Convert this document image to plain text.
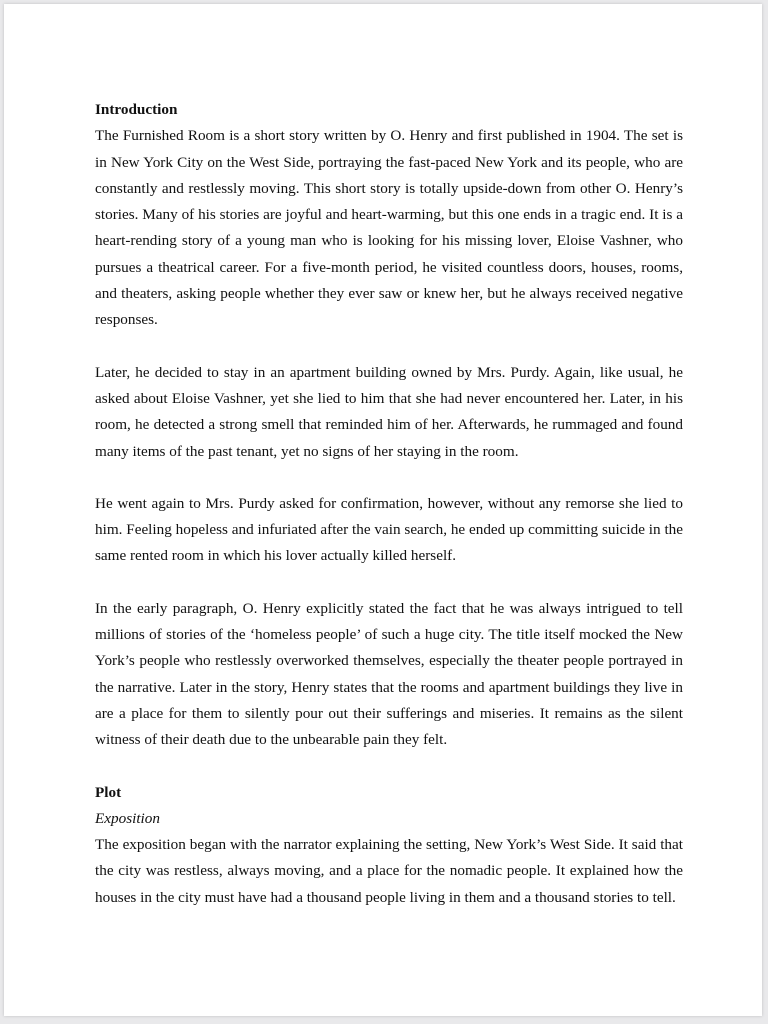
Introduction

The Furnished Room is a short story written by O. Henry and first published in 1904. The set is in New York City on the West Side, portraying the fast-paced New York and its people, who are constantly and restlessly moving. This short story is totally upside-down from other O. Henry’s stories. Many of his stories are joyful and heart-warming, but this one ends in a tragic end. It is a heart-rending story of a young man who is looking for his missing lover, Eloise Vashner, who pursues a theatrical career. For a five-month period, he visited countless doors, houses, rooms, and theaters, asking people whether they ever saw or knew her, but he always received negative responses.

Later, he decided to stay in an apartment building owned by Mrs. Purdy. Again, like usual, he asked about Eloise Vashner, yet she lied to him that she had never encountered her. Later, in his room, he detected a strong smell that reminded him of her. Afterwards, he rummaged and found many items of the past tenant, yet no signs of her staying in the room.

He went again to Mrs. Purdy asked for confirmation, however, without any remorse she lied to him. Feeling hopeless and infuriated after the vain search, he ended up committing suicide in the same rented room in which his lover actually killed herself.

In the early paragraph, O. Henry explicitly stated the fact that he was always intrigued to tell millions of stories of the ‘homeless people’ of such a huge city. The title itself mocked the New York’s people who restlessly overworked themselves, especially the theater people portrayed in the narrative. Later in the story, Henry states that the rooms and apartment buildings they live in are a place for them to silently pour out their sufferings and miseries. It remains as the silent witness of their death due to the unbearable pain they felt.

Plot

Exposition

The exposition began with the narrator explaining the setting, New York’s West Side. It said that the city was restless, always moving, and a place for the nomadic people. It explained how the houses in the city must have had a thousand people living in them and a thousand stories to tell.
